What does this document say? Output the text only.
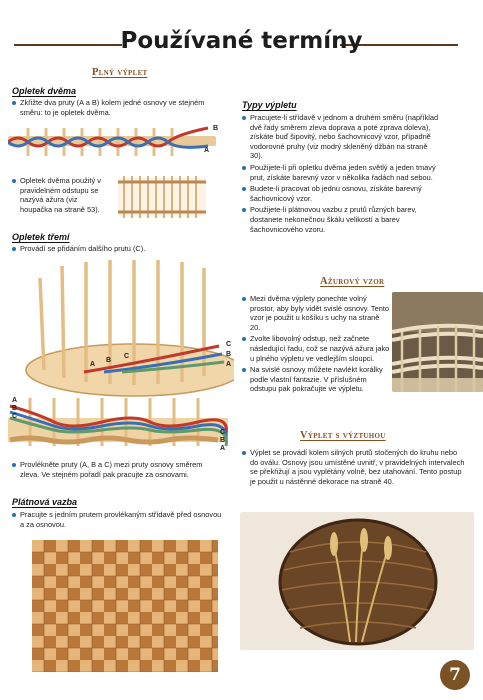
Používané termíny
Plný výplet
Opletek dvěma
Zkřižte dva pruty (A a B) kolem jedné osnovy ve stejném směru: to je opletek dvěma.
B
A
Opletek dvěma použitý v pravidelném odstupu se nazývá ažura (viz houpačka na straně 53).
Opletek třemi
Provádí se přidáním dalšího prutu (C).
A
B
C
C
B
A
A
B
C
C
B
A
Provlékněte pruty (A, B a C) mezi pruty osnovy směrem zleva. Ve stejném pořadí pak pracujte za osnovami.
Plátnová vazba
Pracujte s jedním prutem provlékaným střídavě před osnovou a za osnovou.
Typy výpletu
Pracujete-li střídavě v jednom a druhém směru (například dvě řady směrem zleva doprava a poté zprava doleva), získáte buď šipovitý, nebo šachovnicový vzor, případně vodorovné pruhy (viz modrý skleněný džbán na straně 30).
Použijete-li při opletku dvěma jeden světlý a jeden tmavý prut, získáte barevný vzor v několika řadách nad sebou.
Budete-li pracovat ob jednu osnovu, získáte barevný šachovnicový vzor.
Použijete-li plátnovou vazbu z prutů různých barev, dostanete nekonečnou škálu velikostí a barev šachovnicového vzoru.
Ažurový vzor
Mezi dvěma výplety ponechte volný prostor, aby byly vidět svislé osnovy. Tento vzor je použit u košíku s uchy na straně 20.
Zvolte libovolný odstup, než začnete následující řadu, což se nazývá ažura jako u plného výpletu ve vedlejším sloupci.
Na svislé osnovy můžete navlékt korálky podle vlastní fantazie. V příslušném odstupu pak pokračujte ve výpletu.
Výplet s výztuhou
Výplet se provádí kolem silných prutů stočených do kruhu nebo do oválu. Osnovy jsou umístěné uvnitř, v pravidelných intervalech se překřižují a jsou vyplétány volně, bez utahování. Tento postup je použit u nástěnné dekorace na straně 40.
7
